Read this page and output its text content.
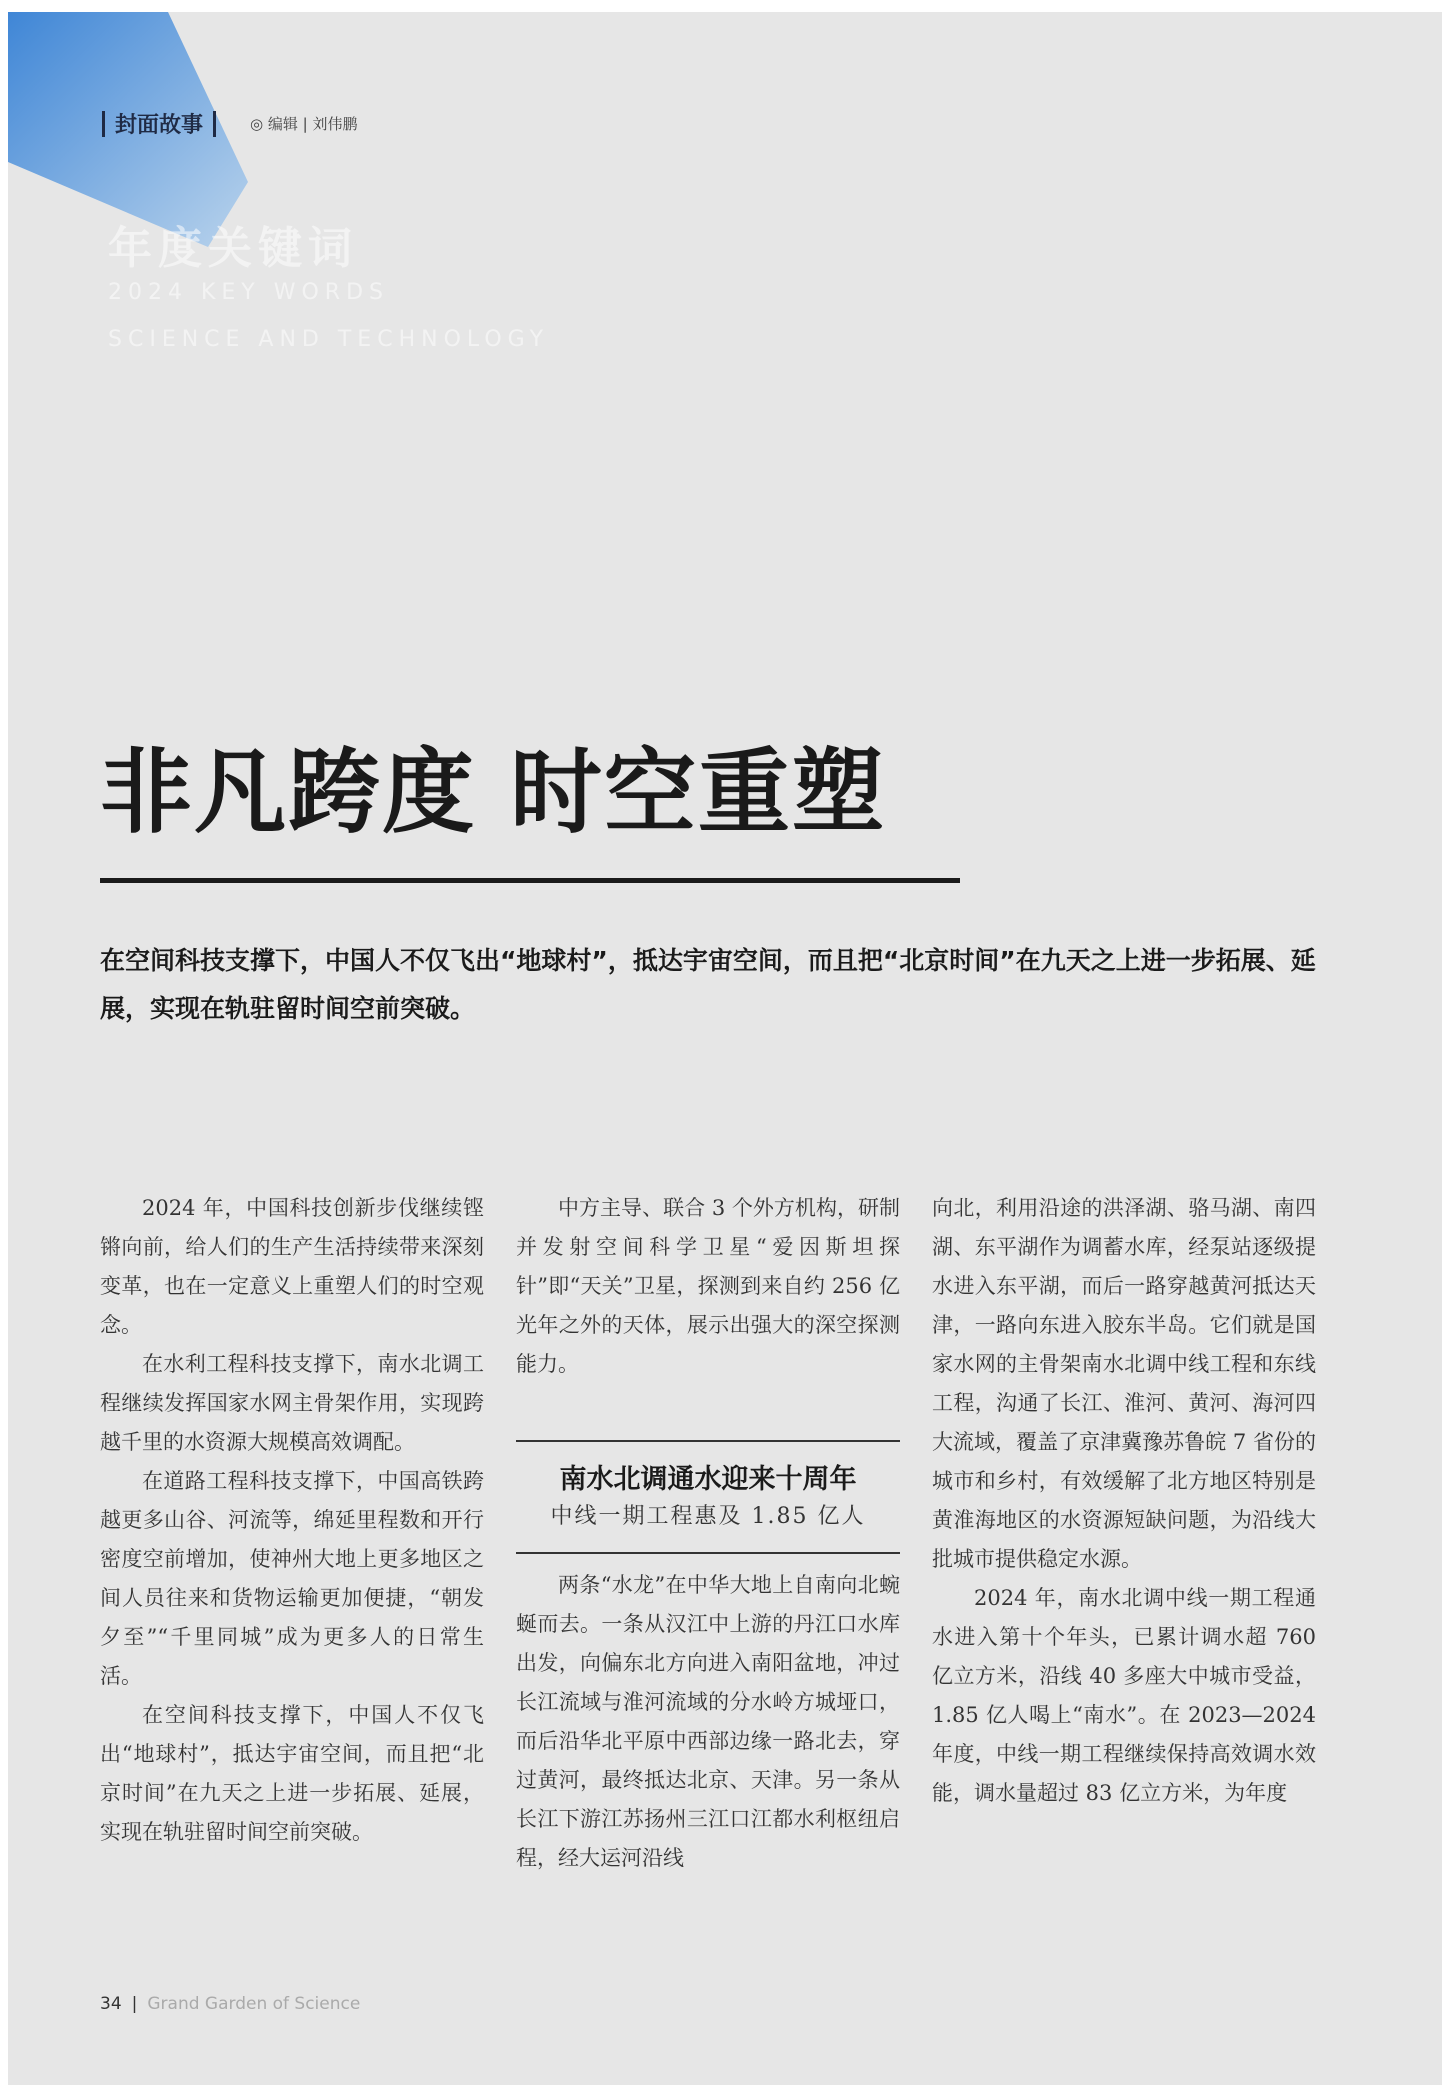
封面故事	◎ 编辑 | 刘伟鹏
年度关键词
2024 KEY WORDS
SCIENCE AND TECHNOLOGY
非凡跨度 时空重塑

在空间科技支撑下，中国人不仅飞出“地球村”，抵达宇宙空间，而且把“北京时间”在九天之上进一步拓展、延展，实现在轨驻留时间空前突破。

2024 年，中国科技创新步伐继续铿锵向前，给人们的生产生活持续带来深刻变革，也在一定意义上重塑人们的时空观念。

在水利工程科技支撑下，南水北调工程继续发挥国家水网主骨架作用，实现跨越千里的水资源大规模高效调配。

在道路工程科技支撑下，中国高铁跨越更多山谷、河流等，绵延里程数和开行密度空前增加，使神州大地上更多地区之间人员往来和货物运输更加便捷，“朝发夕至”“千里同城”成为更多人的日常生活。

在空间科技支撑下，中国人不仅飞出“地球村”，抵达宇宙空间，而且把“北京时间”在九天之上进一步拓展、延展，实现在轨驻留时间空前突破。

中方主导、联合 3 个外方机构，研制并发射空间科学卫星“爱因斯坦探针”即“天关”卫星，探测到来自约 256 亿光年之外的天体，展示出强大的深空探测能力。

南水北调通水迎来十周年
中线一期工程惠及 1.85 亿人

两条“水龙”在中华大地上自南向北蜿蜒而去。一条从汉江中上游的丹江口水库出发，向偏东北方向进入南阳盆地，冲过长江流域与淮河流域的分水岭方城垭口，而后沿华北平原中西部边缘一路北去，穿过黄河，最终抵达北京、天津。另一条从长江下游江苏扬州三江口江都水利枢纽启程，经大运河沿线

向北，利用沿途的洪泽湖、骆马湖、南四湖、东平湖作为调蓄水库，经泵站逐级提水进入东平湖，而后一路穿越黄河抵达天津，一路向东进入胶东半岛。它们就是国家水网的主骨架南水北调中线工程和东线工程，沟通了长江、淮河、黄河、海河四大流域，覆盖了京津冀豫苏鲁皖 7 省份的城市和乡村，有效缓解了北方地区特别是黄淮海地区的水资源短缺问题，为沿线大批城市提供稳定水源。

2024 年，南水北调中线一期工程通水进入第十个年头，已累计调水超 760 亿立方米，沿线 40 多座大中城市受益，1.85 亿人喝上“南水”。在 2023—2024 年度，中线一期工程继续保持高效调水效能，调水量超过 83 亿立方米，为年度

34 | Grand Garden of Science
